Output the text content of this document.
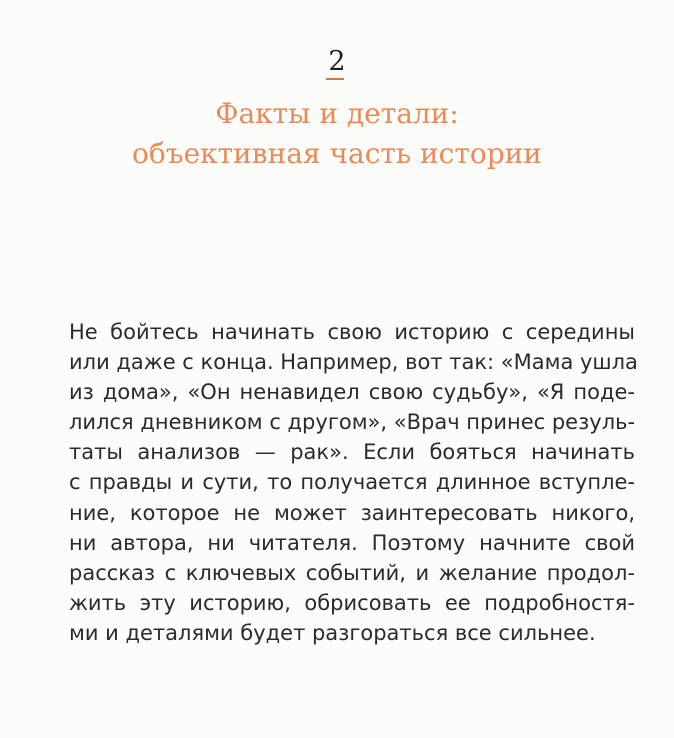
2
Факты и детали:
объективная часть истории
Не бойтесь начинать свою историю с середины
или даже с конца. Например, вот так: «Мама ушла
из дома», «Он ненавидел свою судьбу», «Я поде-
лился дневником с другом», «Врач принес резуль-
таты анализов — рак». Если бояться начинать
с правды и сути, то получается длинное вступле-
ние, которое не может заинтересовать никого,
ни автора, ни читателя. Поэтому начните свой
рассказ с ключевых событий, и желание продол-
жить эту историю, обрисовать ее подробностя-
ми и деталями будет разгораться все сильнее.
